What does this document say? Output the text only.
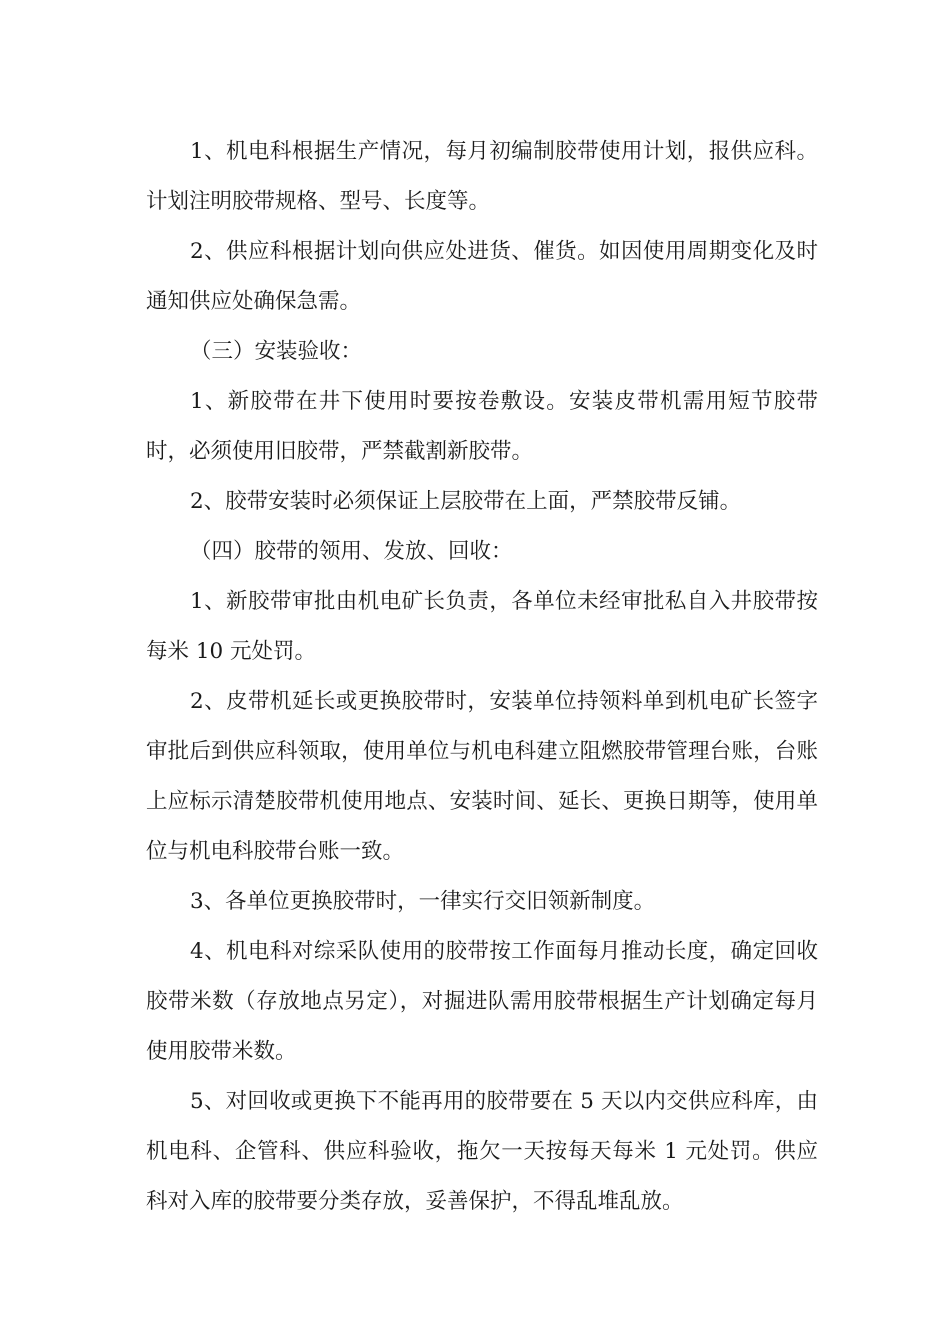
1、机电科根据生产情况，每月初编制胶带使用计划，报供应科。计划注明胶带规格、型号、长度等。

2、供应科根据计划向供应处进货、催货。如因使用周期变化及时通知供应处确保急需。

（三）安装验收：

1、新胶带在井下使用时要按卷敷设。安装皮带机需用短节胶带时，必须使用旧胶带，严禁截割新胶带。

2、胶带安装时必须保证上层胶带在上面，严禁胶带反铺。

（四）胶带的领用、发放、回收：

1、新胶带审批由机电矿长负责，各单位未经审批私自入井胶带按每米 10 元处罚。

2、皮带机延长或更换胶带时，安装单位持领料单到机电矿长签字审批后到供应科领取，使用单位与机电科建立阻燃胶带管理台账，台账上应标示清楚胶带机使用地点、安装时间、延长、更换日期等，使用单位与机电科胶带台账一致。

3、各单位更换胶带时，一律实行交旧领新制度。

4、机电科对综采队使用的胶带按工作面每月推动长度，确定回收胶带米数（存放地点另定），对掘进队需用胶带根据生产计划确定每月使用胶带米数。

5、对回收或更换下不能再用的胶带要在 5 天以内交供应科库，由机电科、企管科、供应科验收，拖欠一天按每天每米 1 元处罚。供应科对入库的胶带要分类存放，妥善保护，不得乱堆乱放。
